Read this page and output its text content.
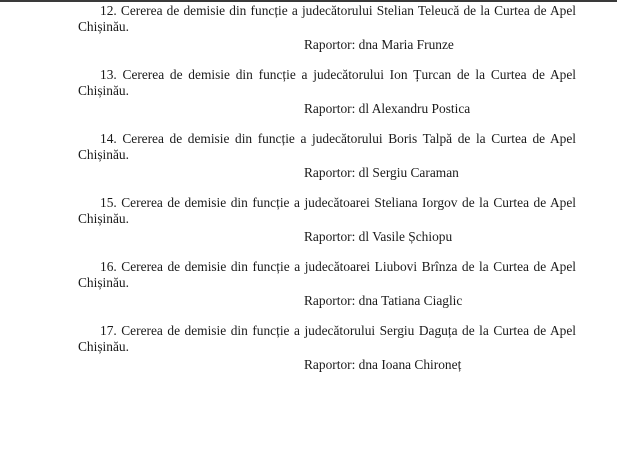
12. Cererea de demisie din funcție a judecătorului Stelian Teleucă de la Curtea de Apel Chișinău.

Raportor: dna Maria Frunze

13. Cererea de demisie din funcție a judecătorului Ion Țurcan de la Curtea de Apel Chișinău.

Raportor: dl Alexandru Postica

14. Cererea de demisie din funcție a judecătorului Boris Talpă de la Curtea de Apel Chișinău.

Raportor: dl Sergiu Caraman

15. Cererea de demisie din funcție a judecătoarei Steliana Iorgov de la Curtea de Apel Chișinău.

Raportor: dl Vasile Șchiopu

16. Cererea de demisie din funcție a judecătoarei Liubovi Brînza de la Curtea de Apel Chișinău.

Raportor: dna Tatiana Ciaglic

17. Cererea de demisie din funcție a judecătorului Sergiu Daguța de la Curtea de Apel Chișinău.

Raportor: dna Ioana Chironeț
